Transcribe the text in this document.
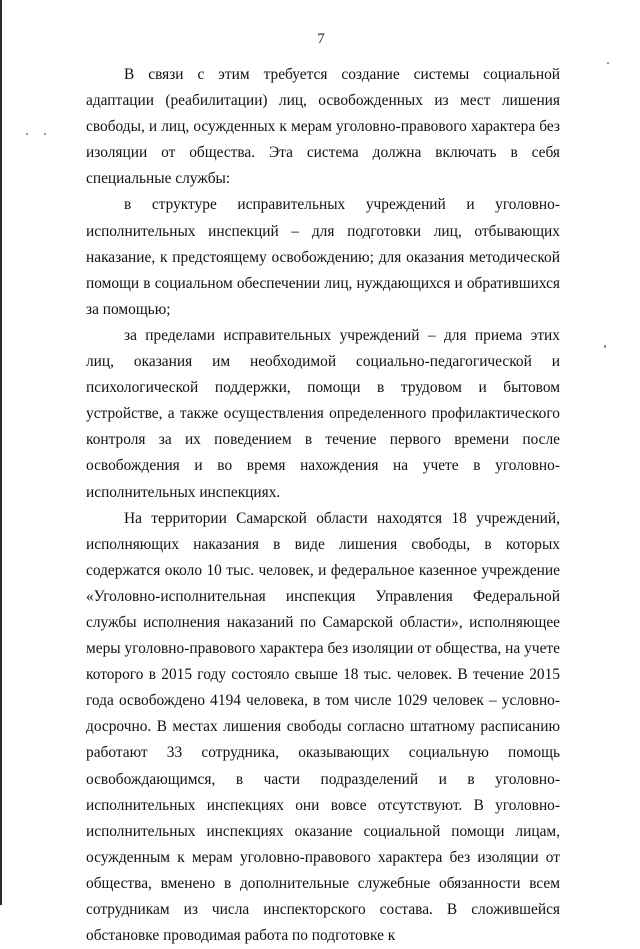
7

В связи с этим требуется создание системы социальной адаптации (реабилитации) лиц, освобожденных из мест лишения свободы, и лиц, осужденных к мерам уголовно-правового характера без изоляции от общества. Эта система должна включать в себя специальные службы:

в структуре исправительных учреждений и уголовно-исполнительных инспекций – для подготовки лиц, отбывающих наказание, к предстоящему освобождению; для оказания методической помощи в социальном обеспечении лиц, нуждающихся и обратившихся за помощью;

за пределами исправительных учреждений – для приема этих лиц, оказания им необходимой социально-педагогической и психологической поддержки, помощи в трудовом и бытовом устройстве, а также осуществления определенного профилактического контроля за их поведением в течение первого времени после освобождения и во время нахождения на учете в уголовно-исполнительных инспекциях.

На территории Самарской области находятся 18 учреждений, исполняющих наказания в виде лишения свободы, в которых содержатся около 10 тыс. человек, и федеральное казенное учреждение «Уголовно-исполнительная инспекция Управления Федеральной службы исполнения наказаний по Самарской области», исполняющее меры уголовно-правового характера без изоляции от общества, на учете которого в 2015 году состояло свыше 18 тыс. человек. В течение 2015 года освобождено 4194 человека, в том числе 1029 человек – условно-досрочно. В местах лишения свободы согласно штатному расписанию работают 33 сотрудника, оказывающих социальную помощь освобождающимся, в части подразделений и в уголовно-исполнительных инспекциях они вовсе отсутствуют. В уголовно-исполнительных инспекциях оказание социальной помощи лицам, осужденным к мерам уголовно-правового характера без изоляции от общества, вменено в дополнительные служебные обязанности всем сотрудникам из числа инспекторского состава. В сложившейся обстановке проводимая работа по подготовке к
